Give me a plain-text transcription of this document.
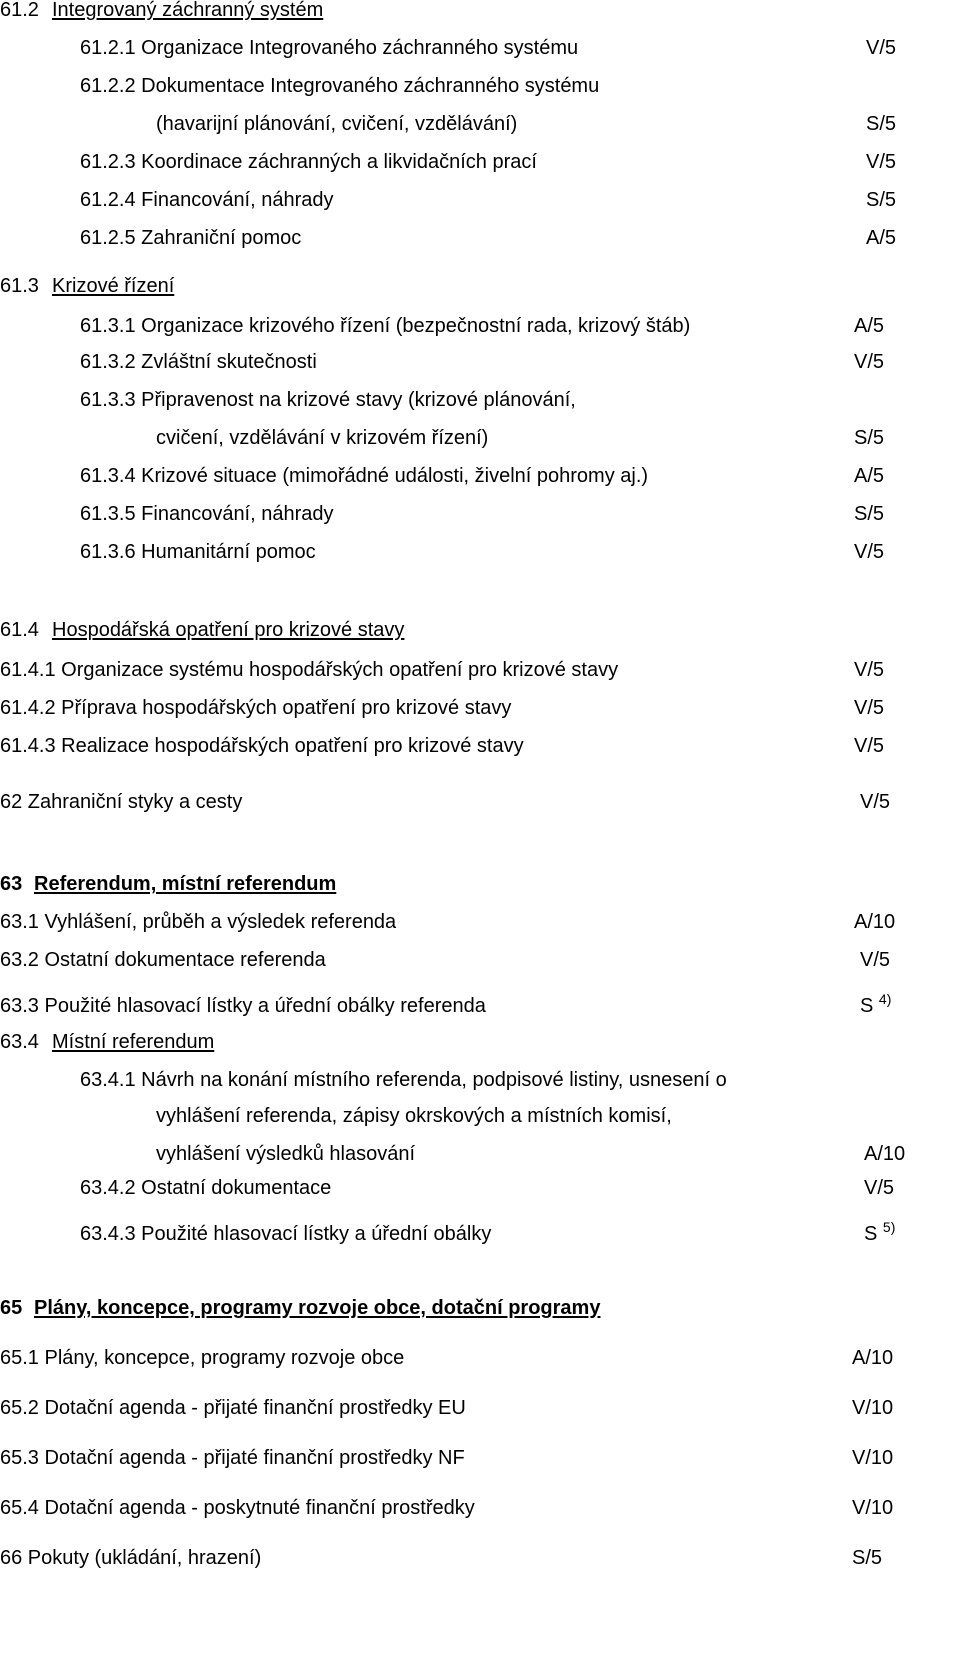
61.2 Integrovaný záchranný systém
61.2.1 Organizace Integrovaného záchranného systému	V/5
61.2.2 Dokumentace Integrovaného záchranného systému
(havarijní plánování, cvičení, vzdělávání)	S/5
61.2.3 Koordinace záchranných a likvidačních prací	V/5
61.2.4 Financování, náhrady	S/5
61.2.5 Zahraniční pomoc	A/5
61.3 Krizové řízení
61.3.1 Organizace krizového řízení (bezpečnostní rada, krizový štáb)	A/5
61.3.2 Zvláštní skutečnosti	V/5
61.3.3 Připravenost na krizové stavy (krizové plánování,
cvičení, vzdělávání v krizovém řízení)	S/5
61.3.4 Krizové situace (mimořádné události, živelní pohromy aj.)	A/5
61.3.5 Financování, náhrady	S/5
61.3.6 Humanitární pomoc	V/5
61.4 Hospodářská opatření pro krizové stavy
61.4.1 Organizace systému hospodářských opatření pro krizové stavy	V/5
61.4.2 Příprava hospodářských opatření pro krizové stavy	V/5
61.4.3 Realizace hospodářských opatření pro krizové stavy	V/5
62 Zahraniční styky a cesty	V/5
63 Referendum, místní referendum
63.1 Vyhlášení, průběh a výsledek referenda	A/10
63.2 Ostatní dokumentace referenda	V/5
63.3 Použité hlasovací lístky a úřední obálky referenda	S $^{4)}$
63.4 Místní referendum
63.4.1 Návrh na konání místního referenda, podpisové listiny, usnesení o
vyhlášení referenda, zápisy okrskových a místních komisí,
vyhlášení výsledků hlasování	A/10
63.4.2 Ostatní dokumentace	V/5
63.4.3 Použité hlasovací lístky a úřední obálky	S $^{5)}$
65 Plány, koncepce, programy rozvoje obce, dotační programy
65.1 Plány, koncepce, programy rozvoje obce	A/10
65.2 Dotační agenda - přijaté finanční prostředky EU	V/10
65.3 Dotační agenda - přijaté finanční prostředky NF	V/10
65.4 Dotační agenda - poskytnuté finanční prostředky	V/10
66 Pokuty (ukládání, hrazení)	S/5
